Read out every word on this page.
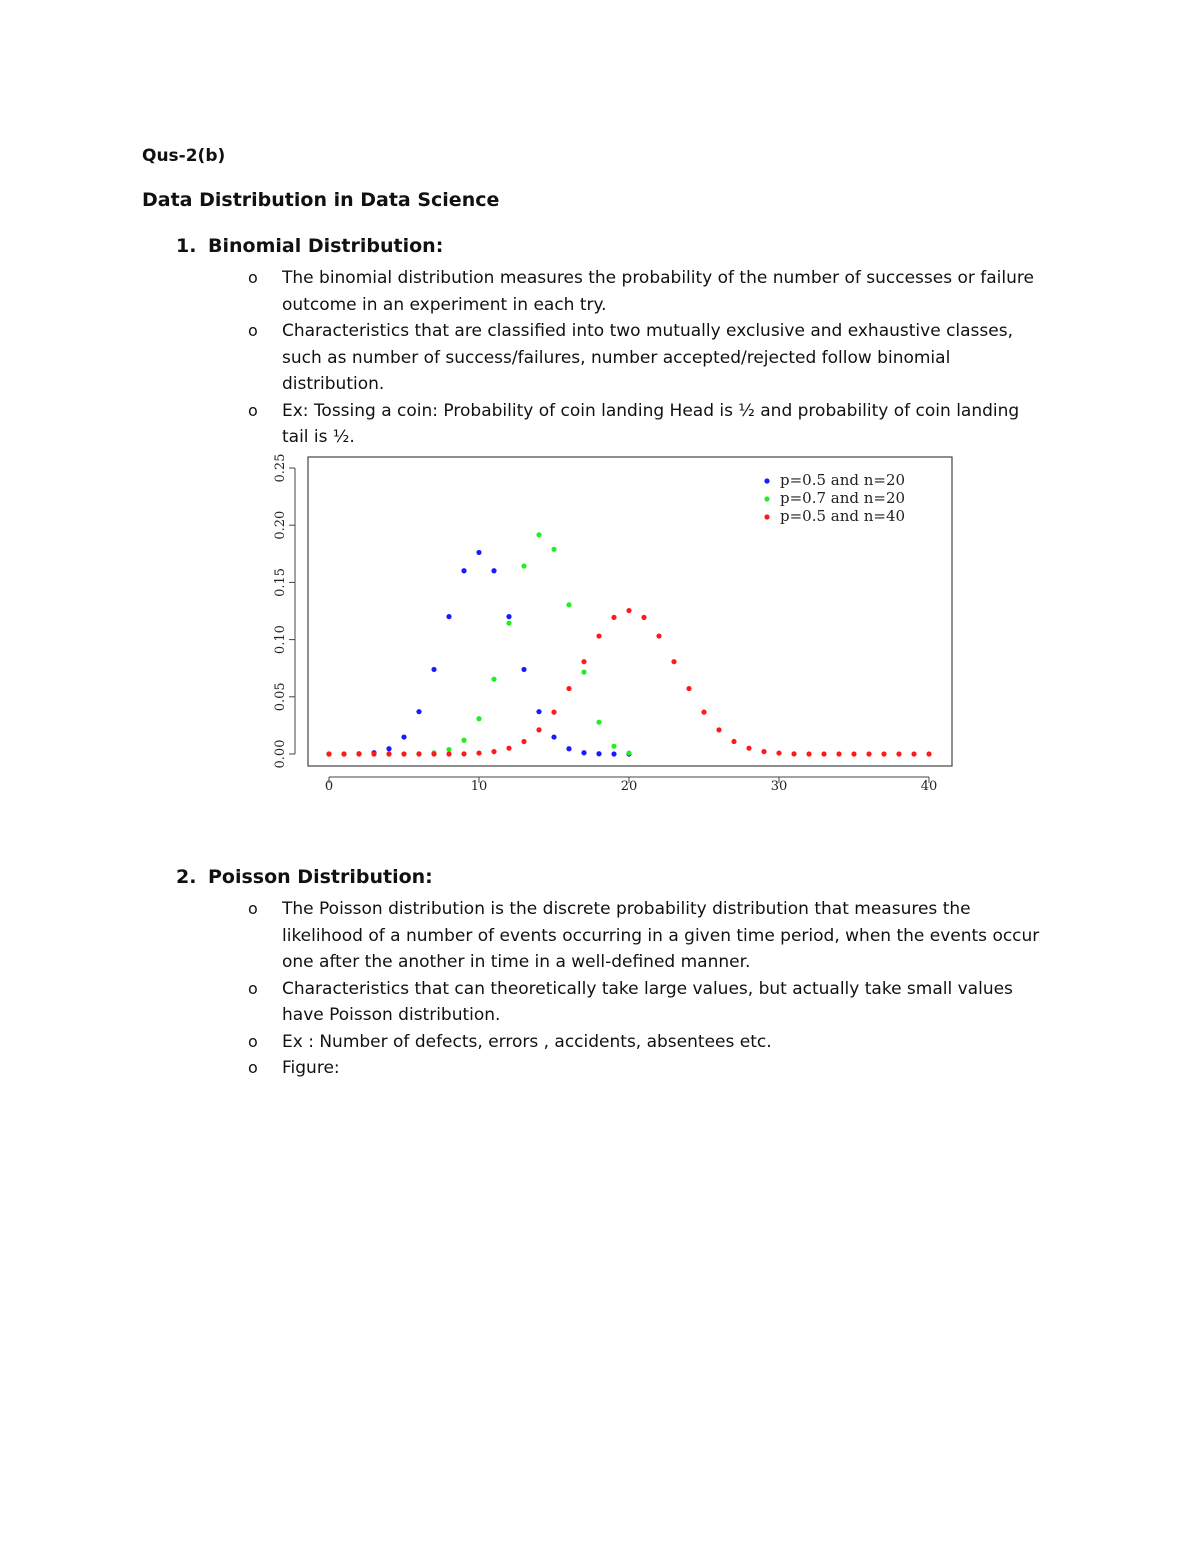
Qus-2(b)
Data Distribution in Data Science
1. Binomial Distribution:
o The binomial distribution measures the probability of the number of successes or failure outcome in an experiment in each try.
o Characteristics that are classified into two mutually exclusive and exhaustive classes, such as number of success/failures, number accepted/rejected follow binomial distribution.
o Ex: Tossing a coin: Probability of coin landing Head is ½ and probability of coin landing tail is ½.
0	10	20	30	40
0.00
0.05
0.10
0.15
0.20
0.25	p=0.5 and n=20
p=0.7 and n=20
p=0.5 and n=40
2. Poisson Distribution:
o The Poisson distribution is the discrete probability distribution that measures the likelihood of a number of events occurring in a given time period, when the events occur one after the another in time in a well-defined manner.
o Characteristics that can theoretically take large values, but actually take small values have Poisson distribution.
o Ex : Number of defects, errors , accidents, absentees etc.
o Figure:
